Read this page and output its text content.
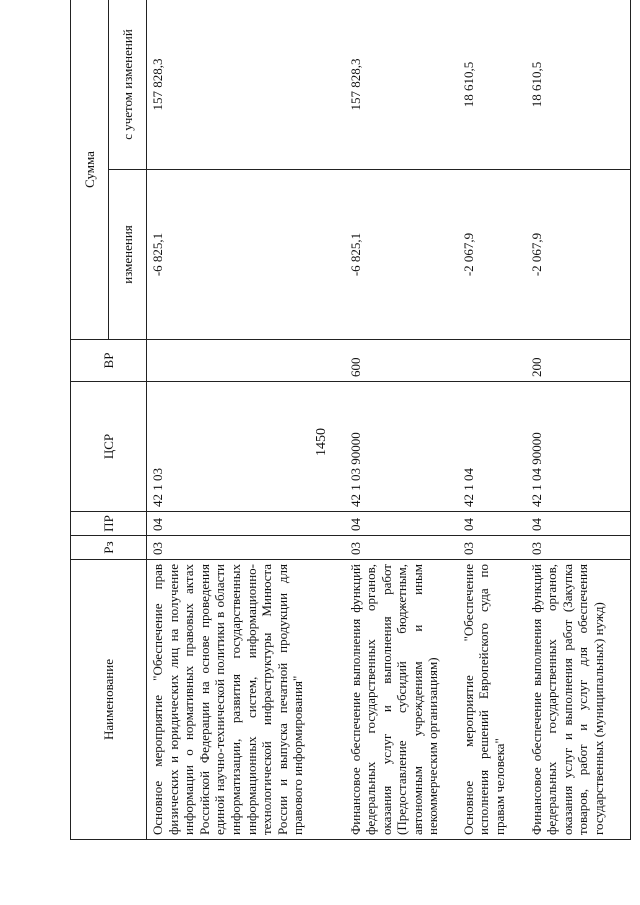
1450
Наименование	Рз	ПР	ЦСР	ВР	Сумма	
					изменения	с учетом изменений
Основное мероприятие "Обеспечение прав физических и юридических лиц на получение информации о нормативных правовых актах Российской Федерации на основе проведения единой научно-технической политики в области информатизации, развития государственных информационных систем, информационно-технологической инфраструктуры Минюста России и выпуска печатной продукции для правового информирования"	03	04	42 1 03		-6 825,1	157 828,3
Финансовое обеспечение выполнения функций федеральных государственных органов, оказания услуг и выполнения работ (Предоставление субсидий бюджетным, автономным учреждениям и иным некоммерческим организациям)	03	04	42 1 03 90000	600	-6 825,1	157 828,3
Основное мероприятие "Обеспечение исполнения решений Европейского суда по правам человека"	03	04	42 1 04		-2 067,9	18 610,5
Финансовое обеспечение выполнения функций федеральных государственных органов, оказания услуг и выполнения работ (Закупка товаров, работ и услуг для обеспечения государственных (муниципальных) нужд)	03	04	42 1 04 90000	200	-2 067,9	18 610,5
